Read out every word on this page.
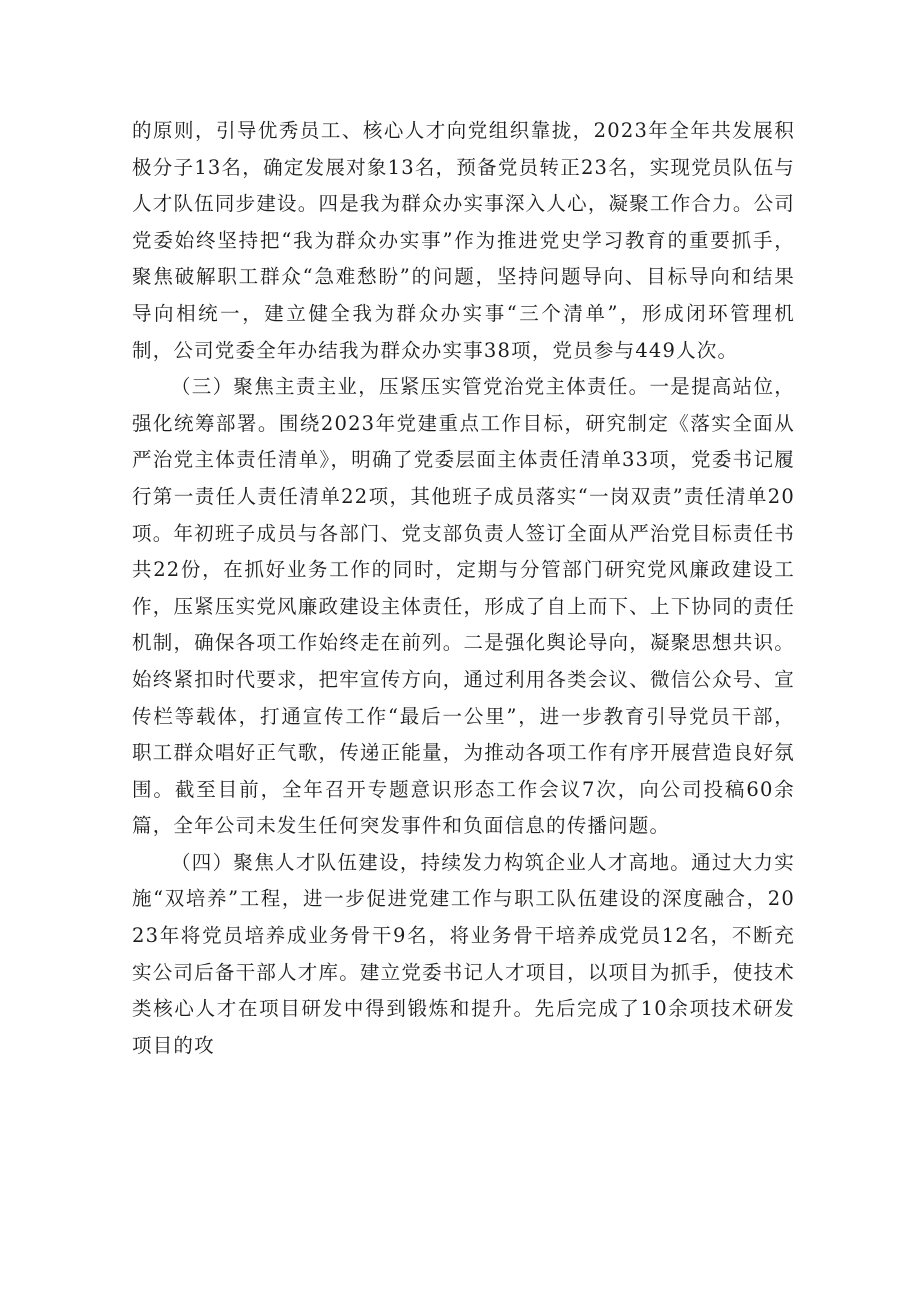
的原则，引导优秀员工、核心人才向党组织靠拢，2023年全年共发展积极分子13名，确定发展对象13名，预备党员转正23名，实现党员队伍与人才队伍同步建设。四是我为群众办实事深入人心，凝聚工作合力。公司党委始终坚持把“我为群众办实事”作为推进党史学习教育的重要抓手，聚焦破解职工群众“急难愁盼”的问题，坚持问题导向、目标导向和结果导向相统一，建立健全我为群众办实事“三个清单”，形成闭环管理机制，公司党委全年办结我为群众办实事38项，党员参与449人次。

（三）聚焦主责主业，压紧压实管党治党主体责任。一是提高站位，强化统筹部署。围绕2023年党建重点工作目标，研究制定《落实全面从严治党主体责任清单》，明确了党委层面主体责任清单33项，党委书记履行第一责任人责任清单22项，其他班子成员落实“一岗双责”责任清单20项。年初班子成员与各部门、党支部负责人签订全面从严治党目标责任书共22份，在抓好业务工作的同时，定期与分管部门研究党风廉政建设工作，压紧压实党风廉政建设主体责任，形成了自上而下、上下协同的责任机制，确保各项工作始终走在前列。二是强化舆论导向，凝聚思想共识。始终紧扣时代要求，把牢宣传方向，通过利用各类会议、微信公众号、宣传栏等载体，打通宣传工作“最后一公里”，进一步教育引导党员干部，职工群众唱好正气歌，传递正能量，为推动各项工作有序开展营造良好氛围。截至目前，全年召开专题意识形态工作会议7次，向公司投稿60余篇，全年公司未发生任何突发事件和负面信息的传播问题。

（四）聚焦人才队伍建设，持续发力构筑企业人才高地。通过大力实施“双培养”工程，进一步促进党建工作与职工队伍建设的深度融合，2023年将党员培养成业务骨干9名，将业务骨干培养成党员12名，不断充实公司后备干部人才库。建立党委书记人才项目，以项目为抓手，使技术类核心人才在项目研发中得到锻炼和提升。先后完成了10余项技术研发项目的攻
